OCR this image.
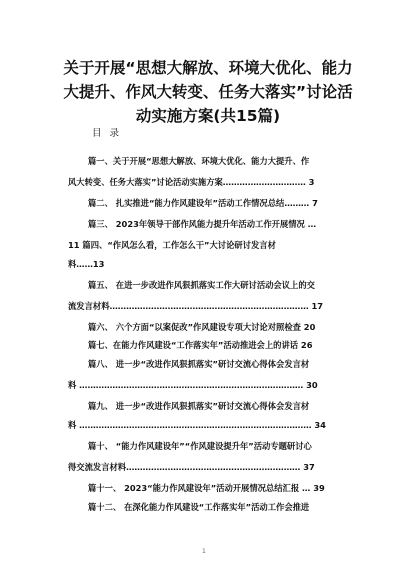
关于开展“思想大解放、环境大优化、能力
大提升、作风大转变、任务大落实”讨论活
动实施方案(共15篇)
目录
篇一、关于开展“思想大解放、环境大优化、能力大提升、作
风大转变、任务大落实”讨论活动实施方案………………………… 3
篇二、 扎实推进“能力作风建设年”活动工作情况总结……… 7
篇三、 2023年领导干部作风能力提升年活动工作开展情况 …
11 篇四、“作风怎么看，工作怎么干”大讨论研讨发言材
料……13
篇五、 在进一步改进作风狠抓落实工作大研讨活动会议上的交
流发言材料……………………………………………………………… 17
篇六、 六个方面“以案促改”作风建设专项大讨论对照检查 20
篇七、在能力作风建设“工作落实年”活动推进会上的讲话 26
篇八、 进一步“改进作风狠抓落实”研讨交流心得体会发言材
料 ……………………………………………………………………… 30
篇九、 进一步“改进作风狠抓落实”研讨交流心得体会发言材
料 ………………………………………………………………………… 34
篇十、 “能力作风建设年”“作风建设提升年”活动专题研讨心
得交流发言材料……………………………………………………… 37
篇十一、 2023“能力作风建设年”活动开展情况总结汇报 … 39
篇十二、 在深化能力作风建设“工作落实年”活动工作会推进
1
